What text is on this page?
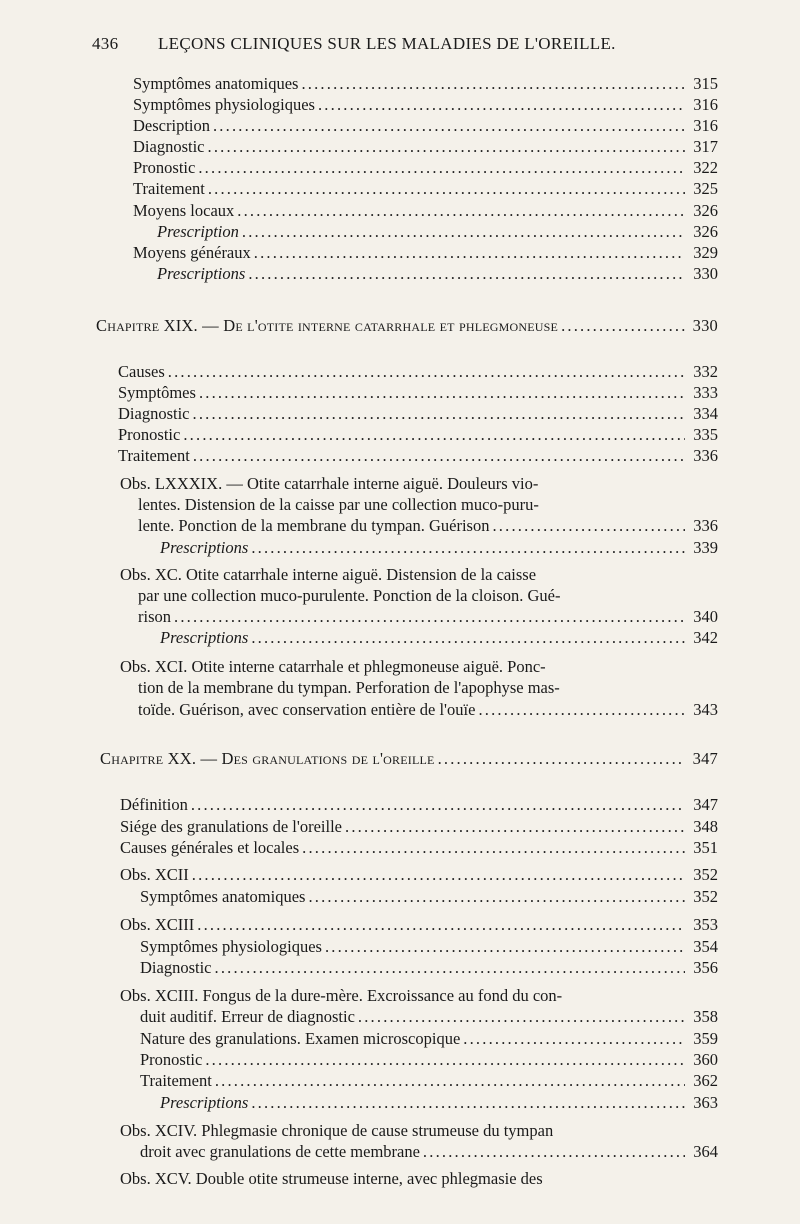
436 LEÇONS CLINIQUES SUR LES MALADIES DE L'OREILLE.
Symptômes anatomiques .....	315
Symptômes physiologiques .....	316
Description .....	316
Diagnostic .....	317
Pronostic .....	322
Traitement .....	325
Moyens locaux .....	326
Prescription .....	326
Moyens généraux .....	329
Prescriptions .....	330
Chapitre XIX. — De l'otite interne catarrhale et phlegmoneuse .....	330
Causes .....	332
Symptômes .....	333
Diagnostic .....	334
Pronostic .....	335
Traitement .....	336
Obs. LXXXIX. — Otite catarrhale interne aiguë. Douleurs vio-
lentes. Distension de la caisse par une collection muco-puru-
lente. Ponction de la membrane du tympan. Guérison .....	336
Prescriptions .....	339
Obs. XC. Otite catarrhale interne aiguë. Distension de la caisse
par une collection muco-purulente. Ponction de la cloison. Gué-
rison .....	340
Prescriptions .....	342
Obs. XCI. Otite interne catarrhale et phlegmoneuse aiguë. Ponc-
tion de la membrane du tympan. Perforation de l'apophyse mas-
toïde. Guérison, avec conservation entière de l'ouïe .....	343
Chapitre XX. — Des granulations de l'oreille .....	347
Définition .....	347
Siége des granulations de l'oreille .....	348
Causes générales et locales .....	351
Obs. XCII .....	352
Symptômes anatomiques .....	352
Obs. XCIII .....	353
Symptômes physiologiques .....	354
Diagnostic .....	356
Obs. XCIII. Fongus de la dure-mère. Excroissance au fond du con-
duit auditif. Erreur de diagnostic .....	358
Nature des granulations. Examen microscopique .....	359
Pronostic .....	360
Traitement .....	362
Prescriptions .....	363
Obs. XCIV. Phlegmasie chronique de cause strumeuse du tympan
droit avec granulations de cette membrane .....	364
Obs. XCV. Double otite strumeuse interne, avec phlegmasie des
